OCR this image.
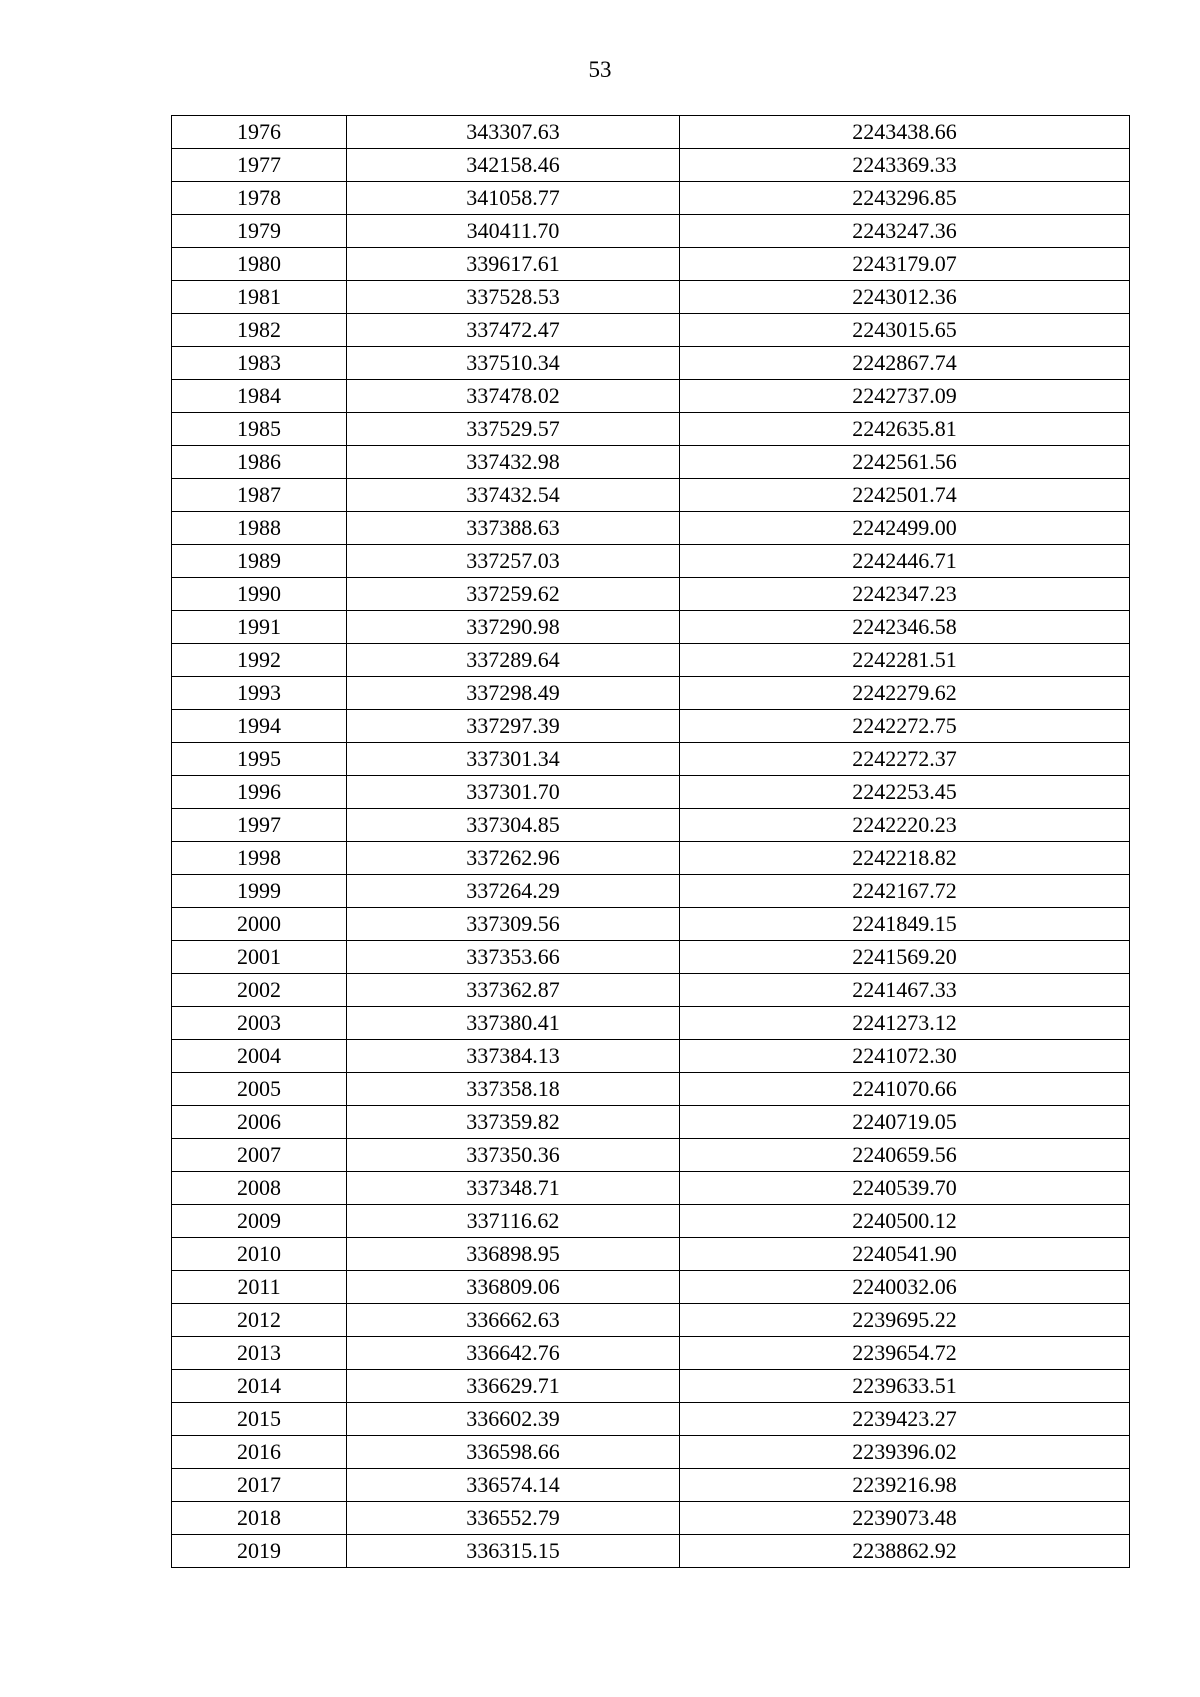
53
1976	343307.63	2243438.66
1977	342158.46	2243369.33
1978	341058.77	2243296.85
1979	340411.70	2243247.36
1980	339617.61	2243179.07
1981	337528.53	2243012.36
1982	337472.47	2243015.65
1983	337510.34	2242867.74
1984	337478.02	2242737.09
1985	337529.57	2242635.81
1986	337432.98	2242561.56
1987	337432.54	2242501.74
1988	337388.63	2242499.00
1989	337257.03	2242446.71
1990	337259.62	2242347.23
1991	337290.98	2242346.58
1992	337289.64	2242281.51
1993	337298.49	2242279.62
1994	337297.39	2242272.75
1995	337301.34	2242272.37
1996	337301.70	2242253.45
1997	337304.85	2242220.23
1998	337262.96	2242218.82
1999	337264.29	2242167.72
2000	337309.56	2241849.15
2001	337353.66	2241569.20
2002	337362.87	2241467.33
2003	337380.41	2241273.12
2004	337384.13	2241072.30
2005	337358.18	2241070.66
2006	337359.82	2240719.05
2007	337350.36	2240659.56
2008	337348.71	2240539.70
2009	337116.62	2240500.12
2010	336898.95	2240541.90
2011	336809.06	2240032.06
2012	336662.63	2239695.22
2013	336642.76	2239654.72
2014	336629.71	2239633.51
2015	336602.39	2239423.27
2016	336598.66	2239396.02
2017	336574.14	2239216.98
2018	336552.79	2239073.48
2019	336315.15	2238862.92
